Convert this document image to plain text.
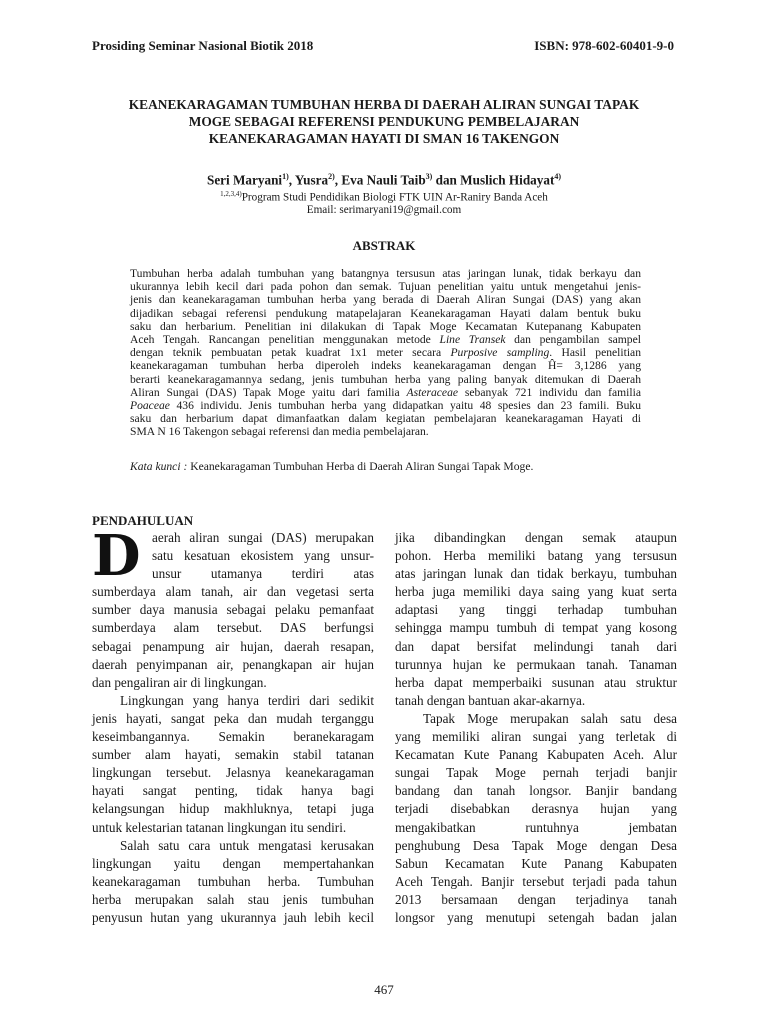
Prosiding Seminar Nasional Biotik 2018	ISBN: 978-602-60401-9-0
KEANEKARAGAMAN TUMBUHAN HERBA DI DAERAH ALIRAN SUNGAI TAPAK
MOGE SEBAGAI REFERENSI PENDUKUNG PEMBELAJARAN
KEANEKARAGAMAN HAYATI DI SMAN 16 TAKENGON
Seri Maryani$^{1)}$, Yusra$^{2)}$, Eva Nauli Taib$^{3)}$ dan Muslich Hidayat$^{4)}$
$^{1,2,3,4)}$Program Studi Pendidikan Biologi FTK UIN Ar-Raniry Banda Aceh
Email: serimaryani19@gmail.com
ABSTRAK
Tumbuhan herba adalah tumbuhan yang batangnya tersusun atas jaringan lunak, tidak berkayu dan
ukurannya lebih kecil dari pada pohon dan semak. Tujuan penelitian yaitu untuk mengetahui jenis-
jenis dan keanekaragaman tumbuhan herba yang berada di Daerah Aliran Sungai (DAS) yang akan
dijadikan sebagai referensi pendukung matapelajaran Keanekaragaman Hayati dalam bentuk buku
saku dan herbarium. Penelitian ini dilakukan di Tapak Moge Kecamatan Kutepanang Kabupaten
Aceh Tengah. Rancangan penelitian menggunakan metode Line Transek dan pengambilan sampel
dengan teknik pembuatan petak kuadrat 1x1 meter secara Purposive sampling. Hasil penelitian
keanekaragaman tumbuhan herba diperoleh indeks keanekaragaman dengan Ĥ= 3,1286 yang
berarti keanekaragamannya sedang, jenis tumbuhan herba yang paling banyak ditemukan di Daerah
Aliran Sungai (DAS) Tapak Moge yaitu dari familia Asteraceae sebanyak 721 individu dan familia
Poaceae 436 individu. Jenis tumbuhan herba yang didapatkan yaitu 48 spesies dan 23 famili. Buku
saku dan herbarium dapat dimanfaatkan dalam kegiatan pembelajaran keanekaragaman Hayati di
SMA N 16 Takengon sebagai referensi dan media pembelajaran.
Kata kunci : Keanekaragaman Tumbuhan Herba di Daerah Aliran Sungai Tapak Moge.
PENDAHULUAN
D aerah aliran sungai (DAS) merupakan
satu kesatuan ekosistem yang unsur-
unsur utamanya terdiri atas
sumberdaya alam tanah, air dan vegetasi serta
sumber daya manusia sebagai pelaku pemanfaat
sumberdaya alam tersebut. DAS berfungsi
sebagai penampung air hujan, daerah resapan,
daerah penyimpanan air, penangkapan air hujan
dan pengaliran air di lingkungan.
Lingkungan yang hanya terdiri dari sedikit
jenis hayati, sangat peka dan mudah terganggu
keseimbangannya. Semakin beranekaragam
sumber alam hayati, semakin stabil tatanan
lingkungan tersebut. Jelasnya keanekaragaman
hayati sangat penting, tidak hanya bagi
kelangsungan hidup makhluknya, tetapi juga
untuk kelestarian tatanan lingkungan itu sendiri.
Salah satu cara untuk mengatasi kerusakan
lingkungan yaitu dengan mempertahankan
keanekaragaman tumbuhan herba. Tumbuhan
herba merupakan salah stau jenis tumbuhan
penyusun hutan yang ukurannya jauh lebih kecil
jika dibandingkan dengan semak ataupun
pohon. Herba memiliki batang yang tersusun
atas jaringan lunak dan tidak berkayu, tumbuhan
herba juga memiliki daya saing yang kuat serta
adaptasi yang tinggi terhadap tumbuhan
sehingga mampu tumbuh di tempat yang kosong
dan dapat bersifat melindungi tanah dari
turunnya hujan ke permukaan tanah. Tanaman
herba dapat memperbaiki susunan atau struktur
tanah dengan bantuan akar-akarnya.
Tapak Moge merupakan salah satu desa
yang memiliki aliran sungai yang terletak di
Kecamatan Kute Panang Kabupaten Aceh. Alur
sungai Tapak Moge pernah terjadi banjir
bandang dan tanah longsor. Banjir bandang
terjadi disebabkan derasnya hujan yang
mengakibatkan runtuhnya jembatan
penghubung Desa Tapak Moge dengan Desa
Sabun Kecamatan Kute Panang Kabupaten
Aceh Tengah. Banjir tersebut terjadi pada tahun
2013 bersamaan dengan terjadinya tanah
longsor yang menutupi setengah badan jalan
467
